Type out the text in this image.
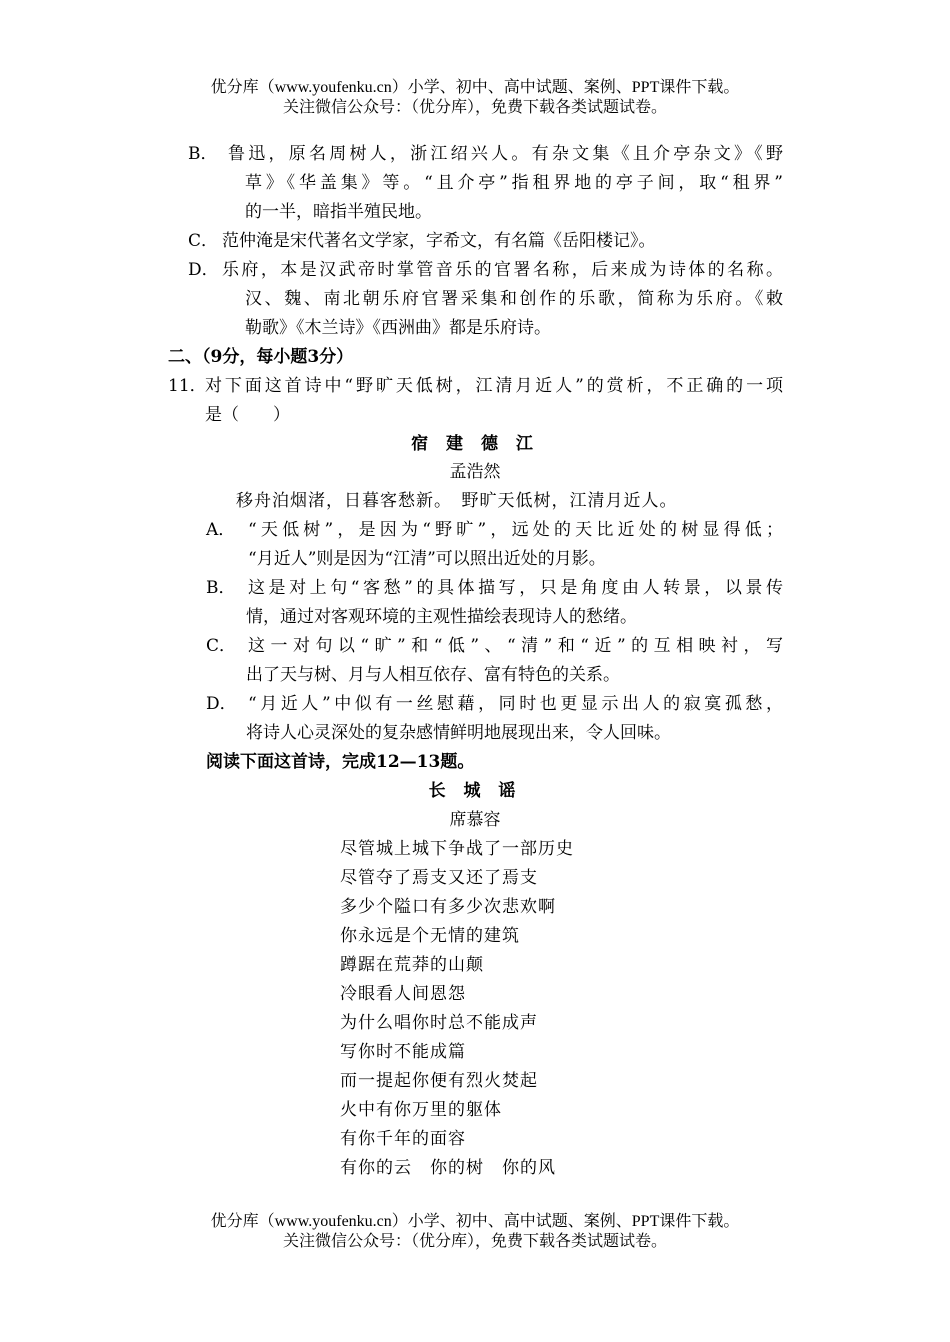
优分库（www.youfenku.cn）小学、初中、高中试题、案例、PPT课件下载。
关注微信公众号：（优分库），免费下载各类试题试卷。
B． 鲁迅，原名周树人，浙江绍兴人。有杂文集《且介亭杂文》《野
草》《华盖集》等。“且介亭”指租界地的亭子间，取“租界”
的一半，暗指半殖民地。
C． 范仲淹是宋代著名文学家，字希文，有名篇《岳阳楼记》。
D． 乐府，本是汉武帝时掌管音乐的官署名称，后来成为诗体的名称。
汉、魏、南北朝乐府官署采集和创作的乐歌，简称为乐府。《敕
勒歌》《木兰诗》《西洲曲》都是乐府诗。
二、（9分，每小题3分）
11．
对下面这首诗中“野旷天低树，江清月近人”的赏析，不正确的一项
是（　　）
宿 建 德 江
孟浩然
移舟泊烟渚，日暮客愁新。　野旷天低树，江清月近人。
A． “天低树”，是因为“野旷”，远处的天比近处的树显得低；
“月近人”则是因为“江清”可以照出近处的月影。
B． 这是对上句“客愁”的具体描写，只是角度由人转景，以景传
情，通过对客观环境的主观性描绘表现诗人的愁绪。
C． 这一对句以“旷”和“低”、“清”和“近”的互相映衬，写
出了天与树、月与人相互依存、富有特色的关系。
D． “月近人”中似有一丝慰藉，同时也更显示出人的寂寞孤愁，
将诗人心灵深处的复杂感情鲜明地展现出来，令人回味。
阅读下面这首诗，完成12—13题。
长 城 谣
席慕容
尽管城上城下争战了一部历史
尽管夺了焉支又还了焉支
多少个隘口有多少次悲欢啊
你永远是个无情的建筑
蹲踞在荒莽的山颠
冷眼看人间恩怨
为什么唱你时总不能成声
写你时不能成篇
而一提起你便有烈火焚起
火中有你万里的躯体
有你千年的面容
有你的云　你的树　你的风
优分库（www.youfenku.cn）小学、初中、高中试题、案例、PPT课件下载。
关注微信公众号：（优分库），免费下载各类试题试卷。
